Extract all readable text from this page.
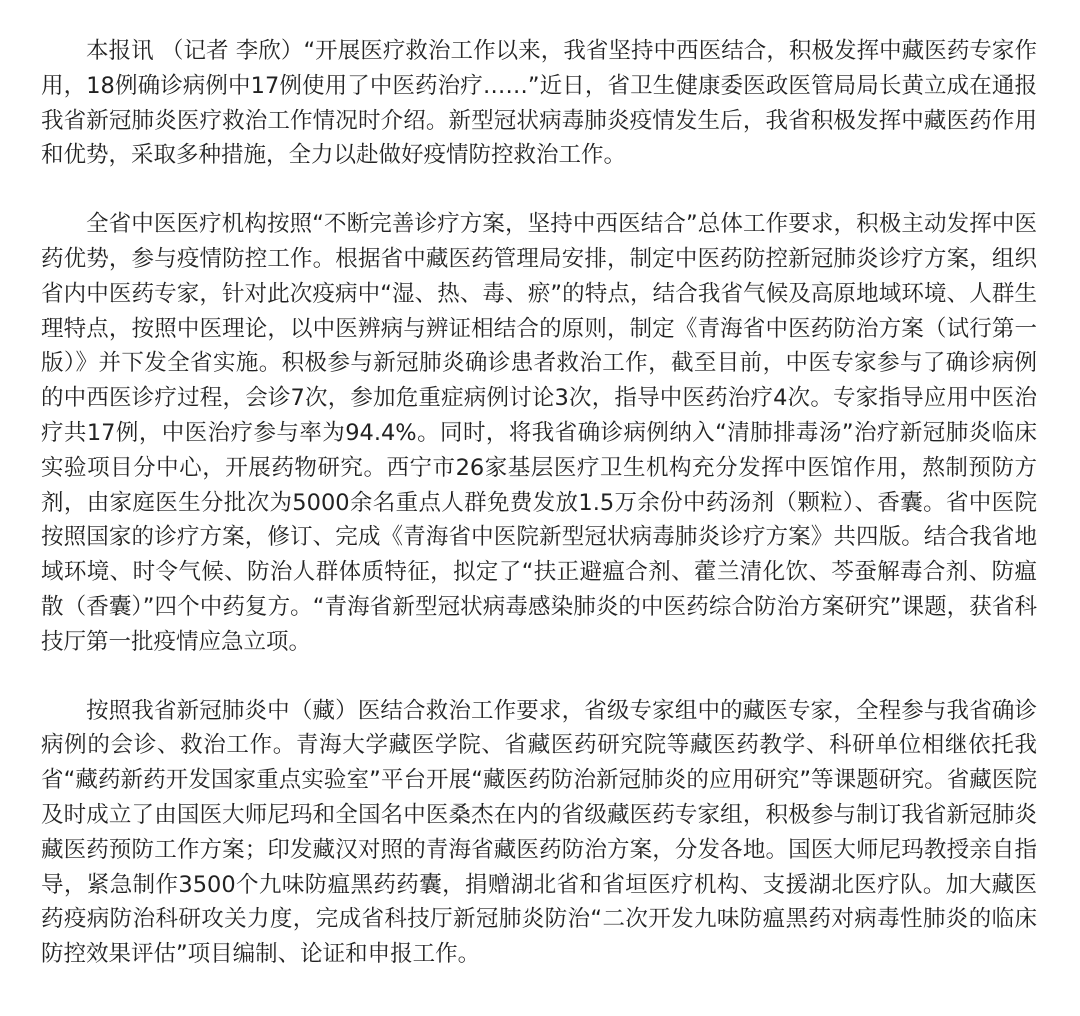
本报讯 （记者 李欣）“开展医疗救治工作以来，我省坚持中西医结合，积极发挥中藏医药专家作用，18例确诊病例中17例使用了中医药治疗……”近日，省卫生健康委医政医管局局长黄立成在通报我省新冠肺炎医疗救治工作情况时介绍。新型冠状病毒肺炎疫情发生后，我省积极发挥中藏医药作用和优势，采取多种措施，全力以赴做好疫情防控救治工作。

全省中医医疗机构按照“不断完善诊疗方案，坚持中西医结合”总体工作要求，积极主动发挥中医药优势，参与疫情防控工作。根据省中藏医药管理局安排，制定中医药防控新冠肺炎诊疗方案，组织省内中医药专家，针对此次疫病中“湿、热、毒、瘀”的特点，结合我省气候及高原地域环境、人群生理特点，按照中医理论，以中医辨病与辨证相结合的原则，制定《青海省中医药防治方案（试行第一版）》并下发全省实施。积极参与新冠肺炎确诊患者救治工作，截至目前，中医专家参与了确诊病例的中西医诊疗过程，会诊7次，参加危重症病例讨论3次，指导中医药治疗4次。专家指导应用中医治疗共17例，中医治疗参与率为94.4%。同时，将我省确诊病例纳入“清肺排毒汤”治疗新冠肺炎临床实验项目分中心，开展药物研究。西宁市26家基层医疗卫生机构充分发挥中医馆作用，熬制预防方剂，由家庭医生分批次为5000余名重点人群免费发放1.5万余份中药汤剂（颗粒）、香囊。省中医院按照国家的诊疗方案，修订、完成《青海省中医院新型冠状病毒肺炎诊疗方案》共四版。结合我省地域环境、时令气候、防治人群体质特征，拟定了“扶正避瘟合剂、藿兰清化饮、芩蚕解毒合剂、防瘟散（香囊）”四个中药复方。“青海省新型冠状病毒感染肺炎的中医药综合防治方案研究”课题，获省科技厅第一批疫情应急立项。

按照我省新冠肺炎中（藏）医结合救治工作要求，省级专家组中的藏医专家，全程参与我省确诊病例的会诊、救治工作。青海大学藏医学院、省藏医药研究院等藏医药教学、科研单位相继依托我省“藏药新药开发国家重点实验室”平台开展“藏医药防治新冠肺炎的应用研究”等课题研究。省藏医院及时成立了由国医大师尼玛和全国名中医桑杰在内的省级藏医药专家组，积极参与制订我省新冠肺炎藏医药预防工作方案；印发藏汉对照的青海省藏医药防治方案，分发各地。国医大师尼玛教授亲自指导，紧急制作3500个九味防瘟黑药药囊，捐赠湖北省和省垣医疗机构、支援湖北医疗队。加大藏医药疫病防治科研攻关力度，完成省科技厅新冠肺炎防治“二次开发九味防瘟黑药对病毒性肺炎的临床防控效果评估”项目编制、论证和申报工作。
